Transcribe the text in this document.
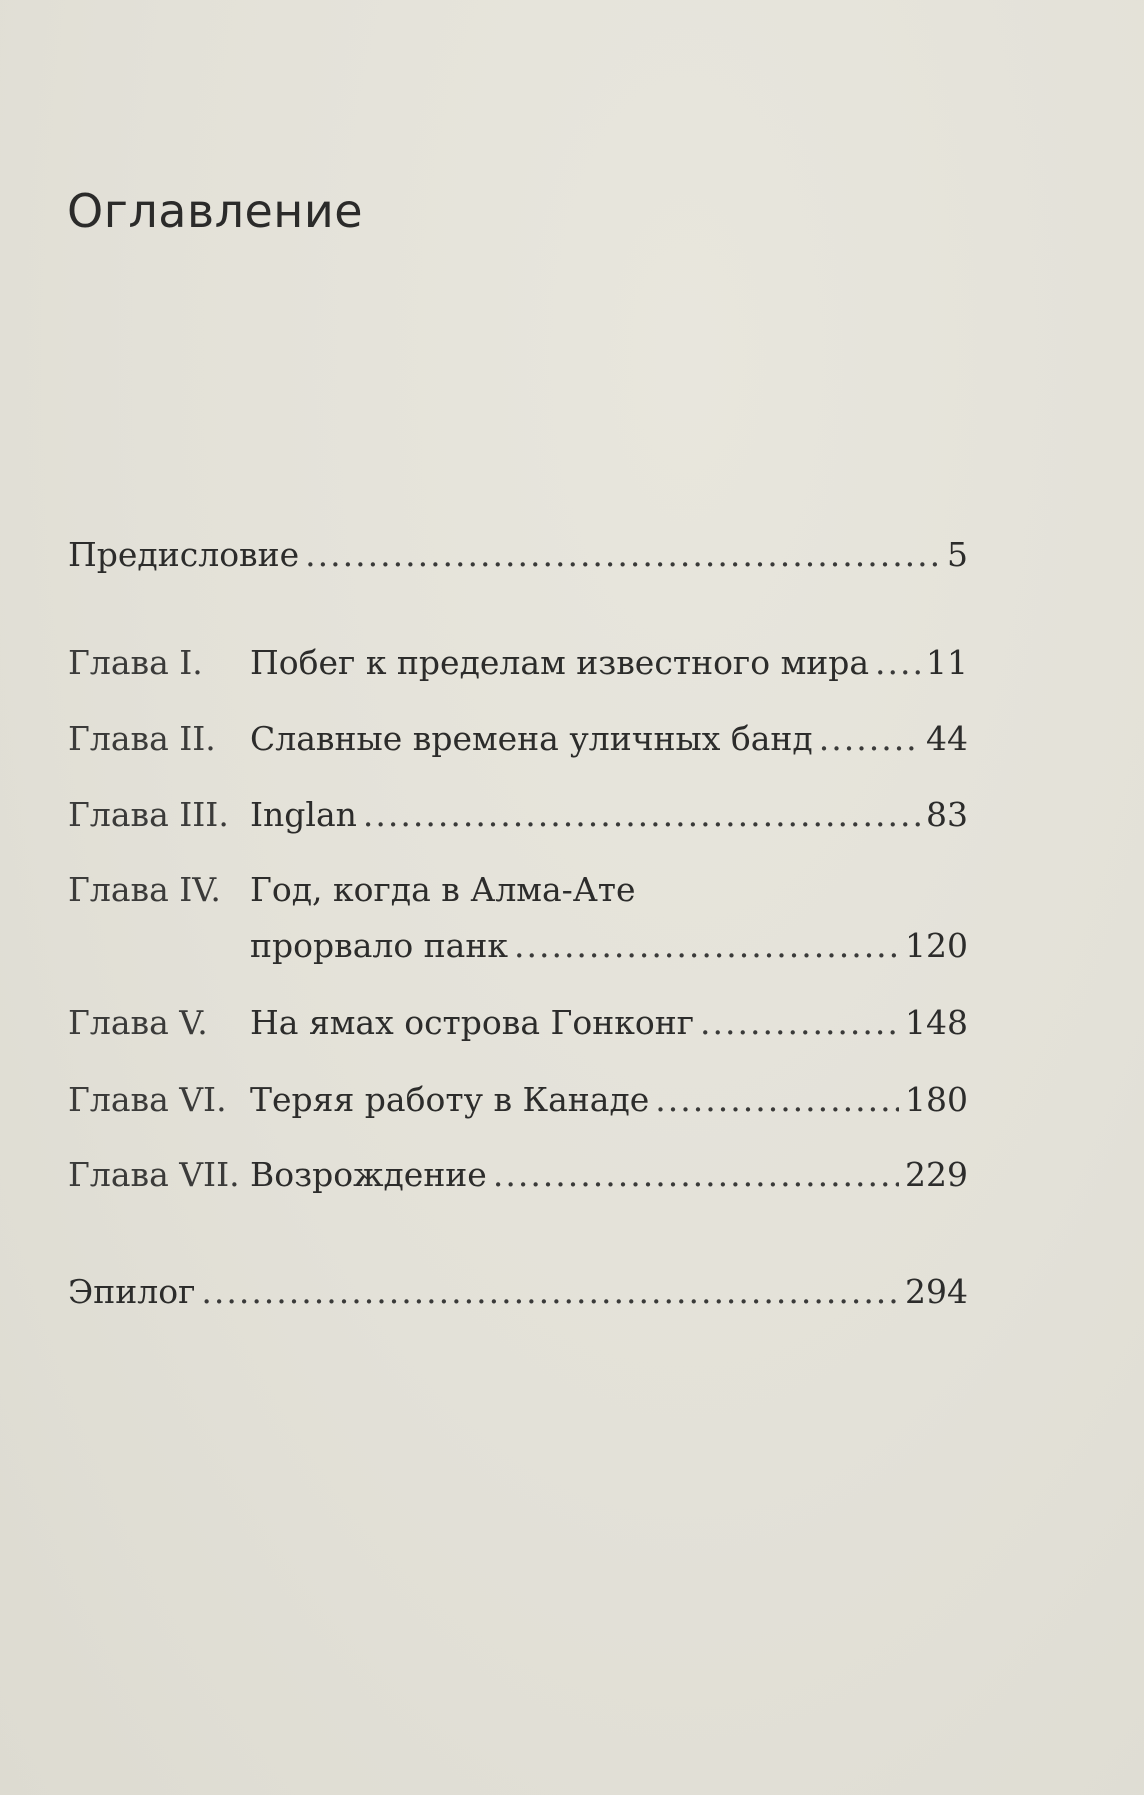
Оглавление
Предисловие .....	5
Глава I.	Побег к пределам известного мира ..... 11
Глава II.	Славные времена уличных банд .....	44
Глава III. Inglan .....	83
Глава IV. Год, когда в Алма-Ате
прорвало панк .....	120
Глава V.	На ямах острова Гонконг .....	148
Глава VI. Теряя работу в Канаде .....	180
Глава VII. Возрождение .....	229
Эпилог .....	294
